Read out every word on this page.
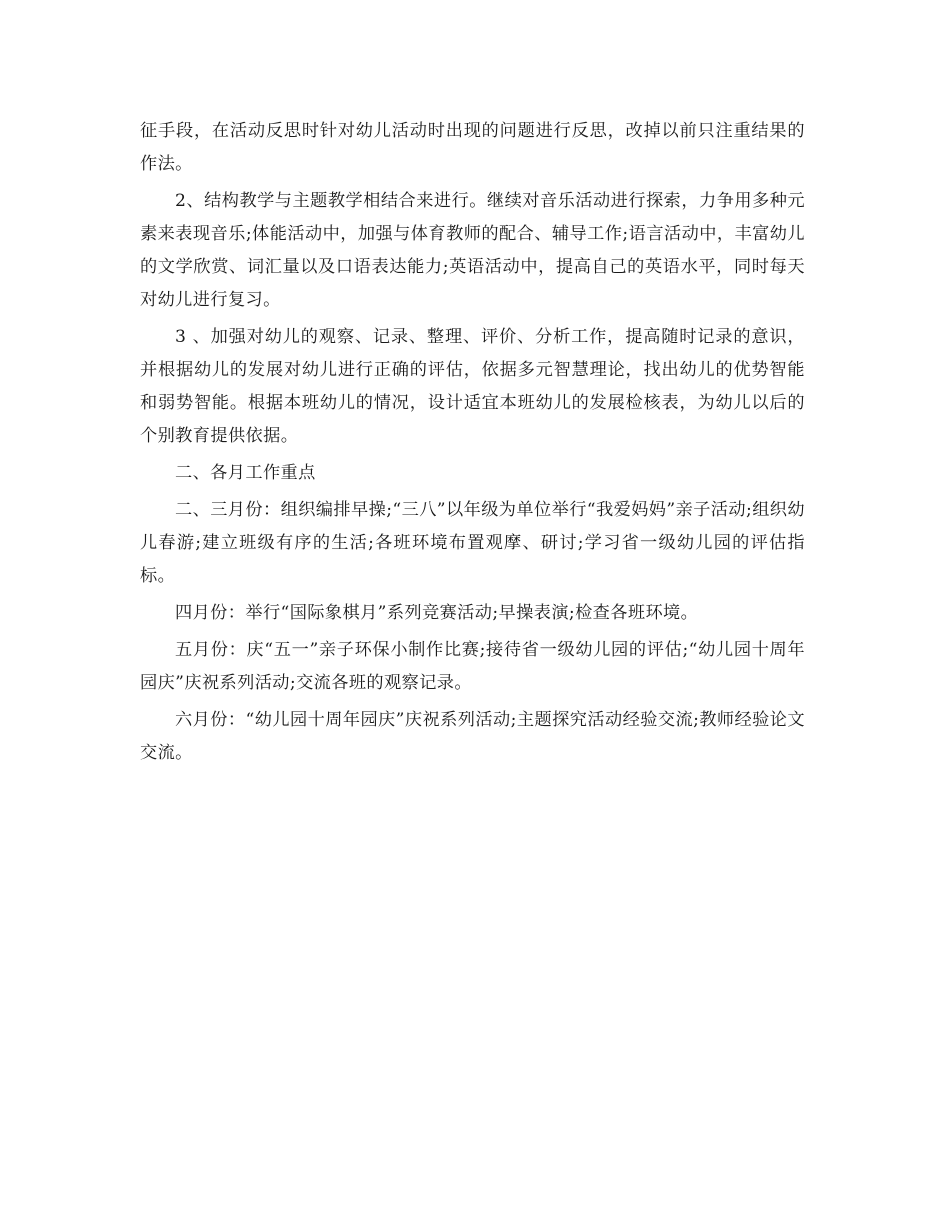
征手段，在活动反思时针对幼儿活动时出现的问题进行反思，改掉以前只注重结果的作法。

2、结构教学与主题教学相结合来进行。继续对音乐活动进行探索，力争用多种元素来表现音乐;体能活动中，加强与体育教师的配合、辅导工作;语言活动中，丰富幼儿的文学欣赏、词汇量以及口语表达能力;英语活动中，提高自己的英语水平，同时每天对幼儿进行复习。

3 、加强对幼儿的观察、记录、整理、评价、分析工作，提高随时记录的意识，并根据幼儿的发展对幼儿进行正确的评估，依据多元智慧理论，找出幼儿的优势智能和弱势智能。根据本班幼儿的情况，设计适宜本班幼儿的发展检核表，为幼儿以后的个别教育提供依据。

二、各月工作重点

二、三月份：组织编排早操;“三八”以年级为单位举行“我爱妈妈”亲子活动;组织幼儿春游;建立班级有序的生活;各班环境布置观摩、研讨;学习省一级幼儿园的评估指标。

四月份：举行“国际象棋月”系列竞赛活动;早操表演;检查各班环境。

五月份：庆“五一”亲子环保小制作比赛;接待省一级幼儿园的评估;“幼儿园十周年园庆”庆祝系列活动;交流各班的观察记录。

六月份：“幼儿园十周年园庆”庆祝系列活动;主题探究活动经验交流;教师经验论文交流。
